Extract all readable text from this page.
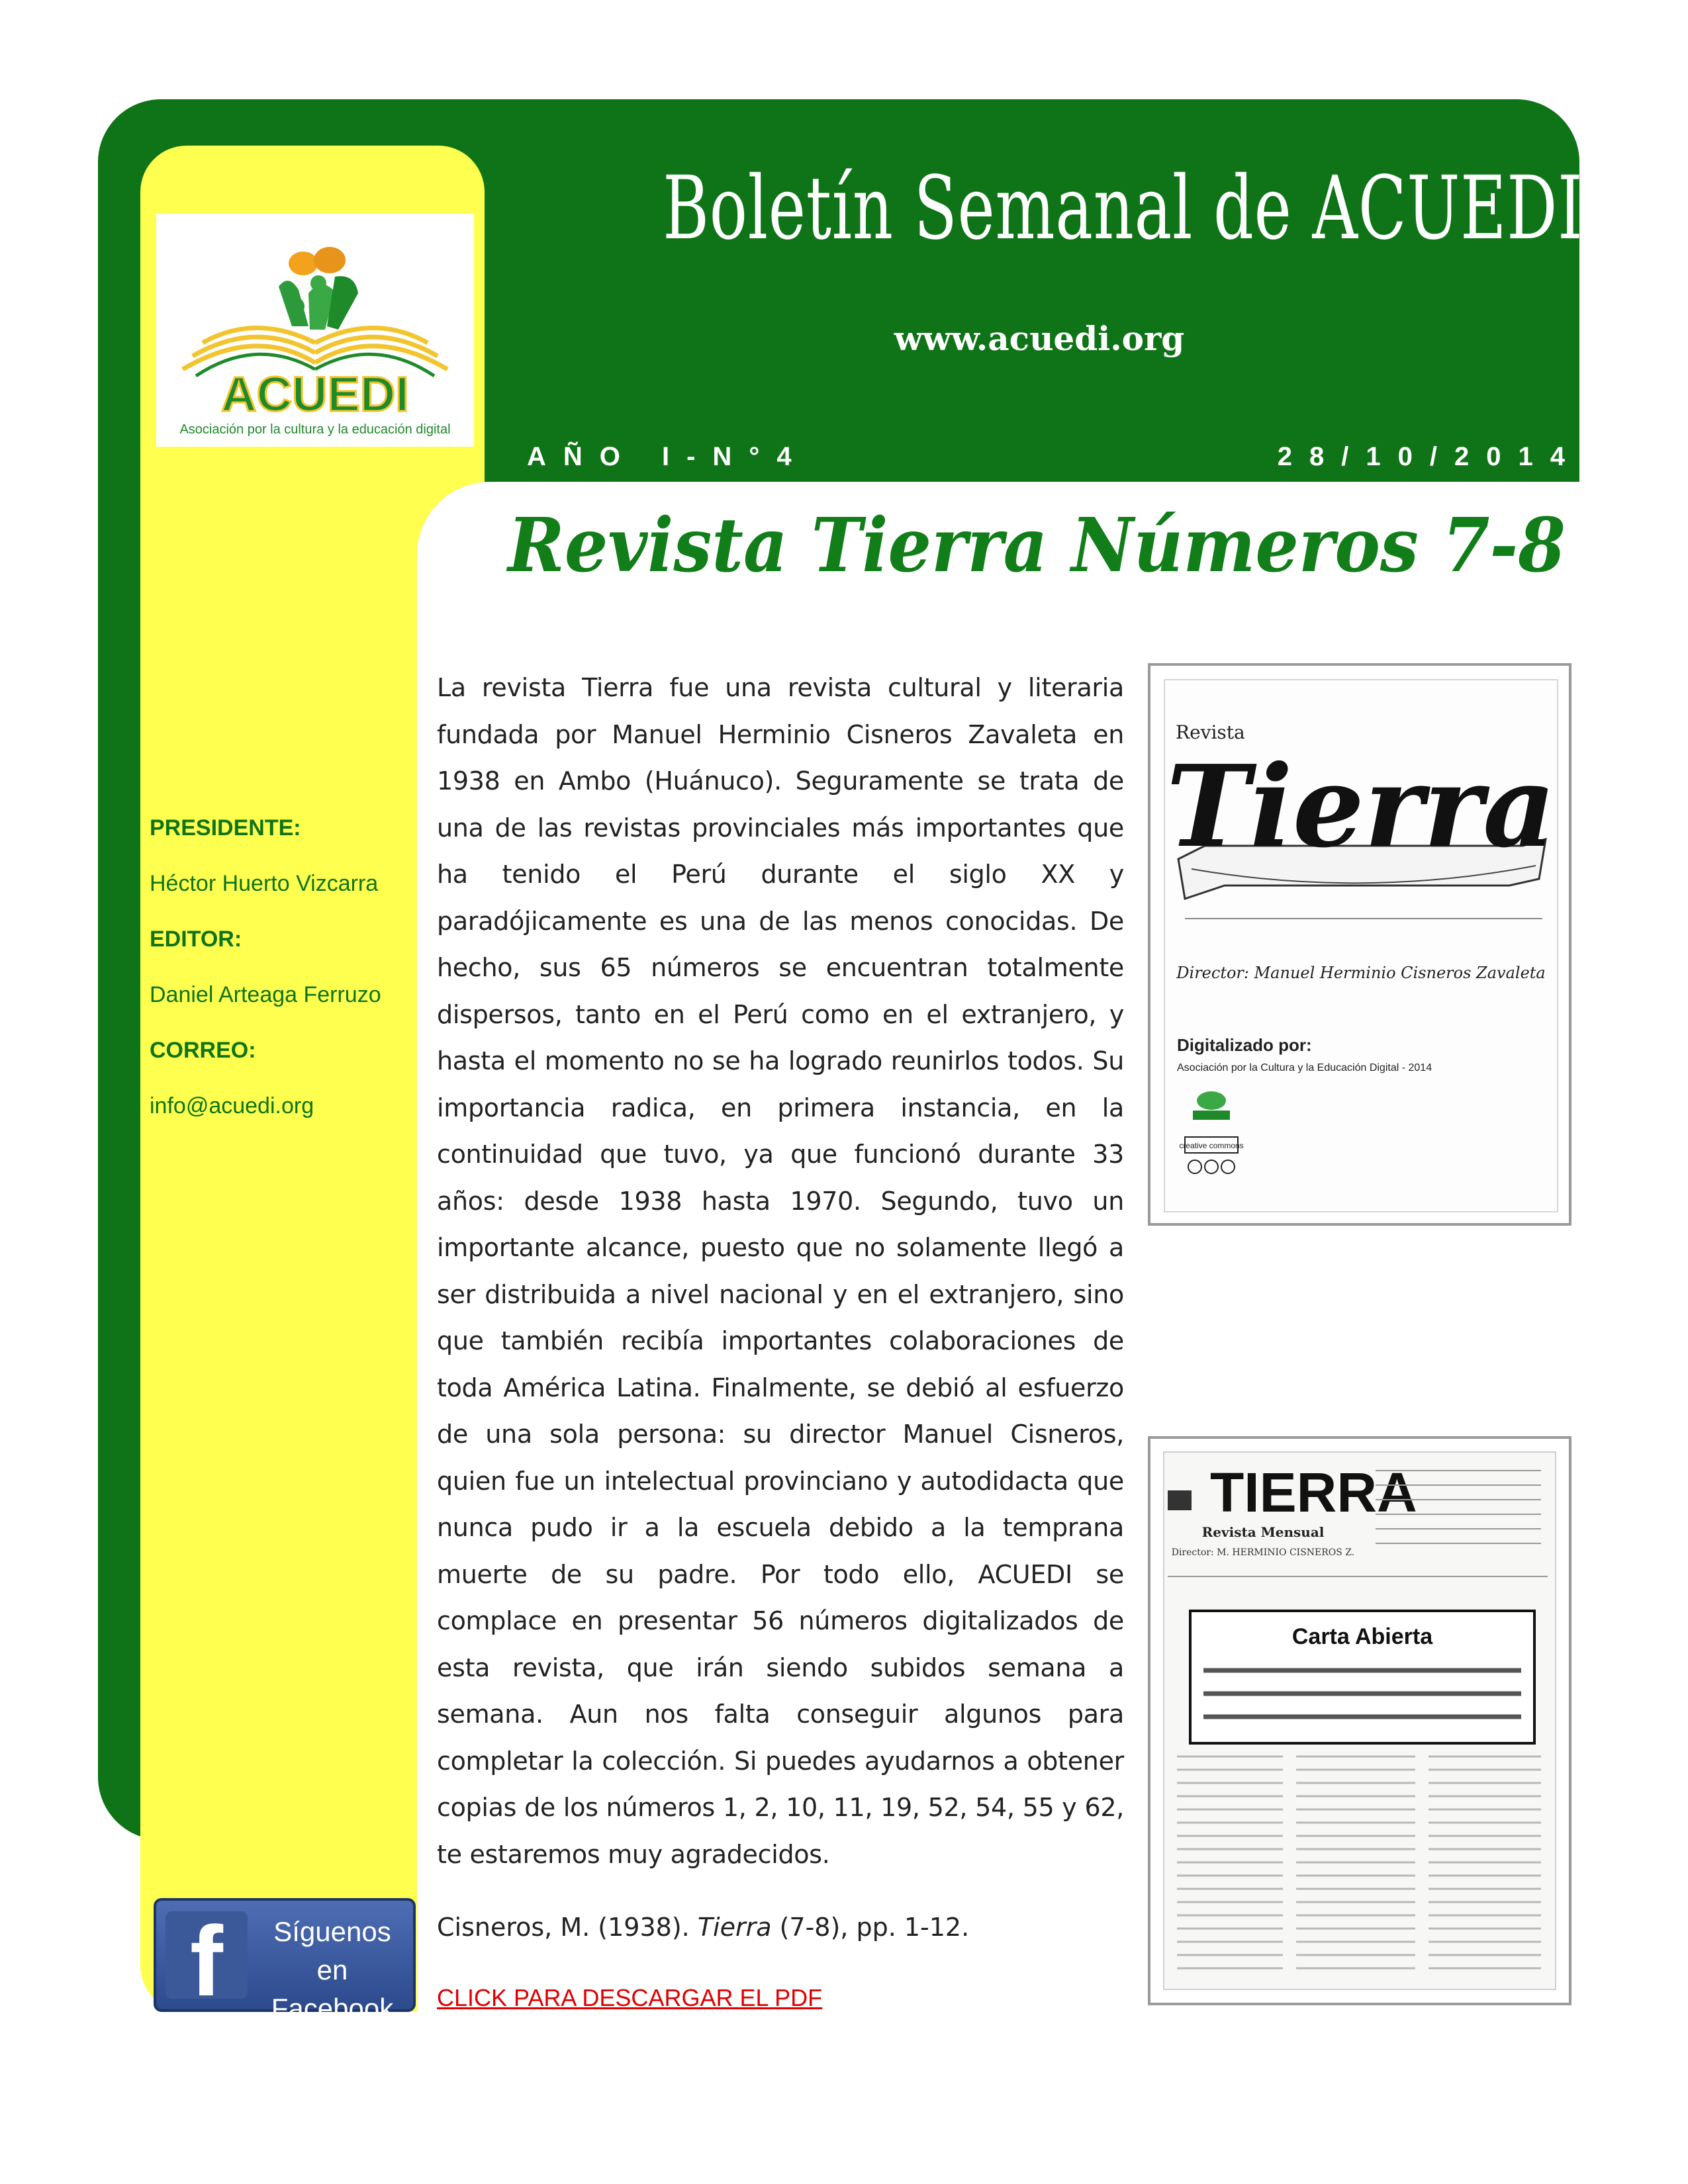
ACUEDI
Asociación por la cultura y la educación digital
Boletín Semanal de ACUEDI
www.acuedi.org
AÑO I-N°4	28/10/2014
Revista Tierra Números 7-8
PRESIDENTE:
Héctor Huerto Vizcarra
EDITOR:
Daniel Arteaga Ferruzo
CORREO:
info@acuedi.org
La revista Tierra fue una revista cultural y literaria fundada por Manuel Herminio Cisneros Zavaleta en 1938 en Ambo (Huánuco). Seguramente se trata de una de las revistas provinciales más importantes que ha tenido el Perú durante el siglo XX y paradójicamente es una de las menos conocidas. De hecho, sus 65 números se encuentran totalmente dispersos, tanto en el Perú como en el extranjero, y hasta el momento no se ha logrado reunirlos todos. Su importancia radica, en primera instancia, en la continuidad que tuvo, ya que funcionó durante 33 años: desde 1938 hasta 1970. Segundo, tuvo un importante alcance, puesto que no solamente llegó a ser distribuida a nivel nacional y en el extranjero, sino que también recibía importantes colaboraciones de toda América Latina. Finalmente, se debió al esfuerzo de una sola persona: su director Manuel Cisneros, quien fue un intelectual provinciano y autodidacta que nunca pudo ir a la escuela debido a la temprana muerte de su padre. Por todo ello, ACUEDI se complace en presentar 56 números digitalizados de esta revista, que irán siendo subidos semana a semana. Aun nos falta conseguir algunos para completar la colección. Si puedes ayudarnos a obtener copias de los números 1, 2, 10, 11, 19, 52, 54, 55 y 62, te estaremos muy agradecidos.
Cisneros, M. (1938). Tierra (7-8), pp. 1-12.
CLICK PARA DESCARGAR EL PDF
f	Síguenos en
Facebook
Revista
Tierra
Director: Manuel Herminio Cisneros Zavaleta
Digitalizado por:
Asociación por la Cultura y la Educación Digital - 2014
creative commons
TIERRA
Revista Mensual
Director: M. HERMINIO CISNEROS Z.
Carta Abierta
